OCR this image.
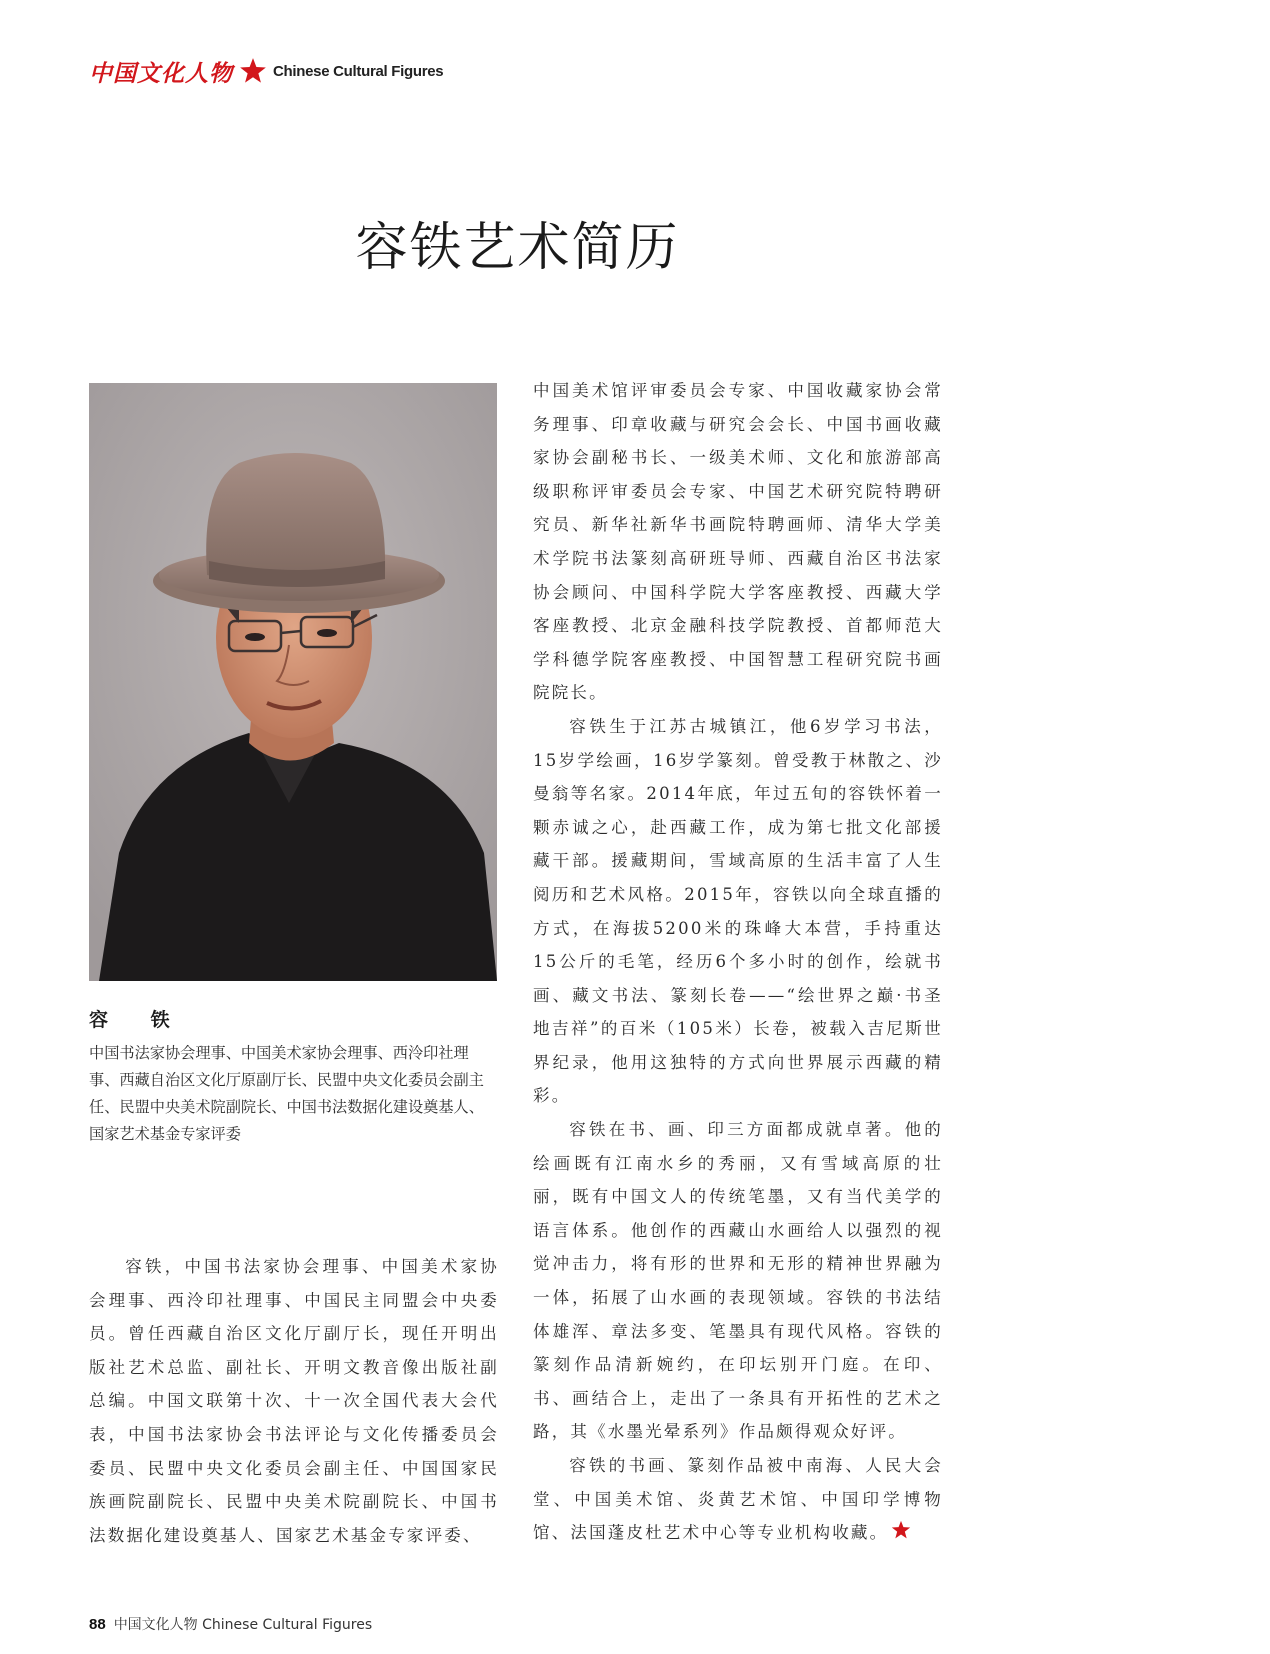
中国文化人物	Chinese Cultural Figures
容铁艺术简历
容 铁
中国书法家协会理事、中国美术家协会理事、西泠印社理事、西藏自治区文化厅原副厅长、民盟中央文化委员会副主任、民盟中央美术院副院长、中国书法数据化建设奠基人、国家艺术基金专家评委

容铁，中国书法家协会理事、中国美术家协会理事、西泠印社理事、中国民主同盟会中央委员。曾任西藏自治区文化厅副厅长，现任开明出版社艺术总监、副社长、开明文教音像出版社副总编。中国文联第十次、十一次全国代表大会代表，中国书法家协会书法评论与文化传播委员会委员、民盟中央文化委员会副主任、中国国家民族画院副院长、民盟中央美术院副院长、中国书法数据化建设奠基人、国家艺术基金专家评委、

中国美术馆评审委员会专家、中国收藏家协会常务理事、印章收藏与研究会会长、中国书画收藏家协会副秘书长、一级美术师、文化和旅游部高级职称评审委员会专家、中国艺术研究院特聘研究员、新华社新华书画院特聘画师、清华大学美术学院书法篆刻高研班导师、西藏自治区书法家协会顾问、中国科学院大学客座教授、西藏大学客座教授、北京金融科技学院教授、首都师范大学科德学院客座教授、中国智慧工程研究院书画院院长。

容铁生于江苏古城镇江，他6岁学习书法，15岁学绘画，16岁学篆刻。曾受教于林散之、沙曼翁等名家。2014年底，年过五旬的容铁怀着一颗赤诚之心，赴西藏工作，成为第七批文化部援藏干部。援藏期间，雪域高原的生活丰富了人生阅历和艺术风格。2015年，容铁以向全球直播的方式，在海拔5200米的珠峰大本营，手持重达15公斤的毛笔，经历6个多小时的创作，绘就书画、藏文书法、篆刻长卷——“绘世界之巅·书圣地吉祥”的百米（105米）长卷，被载入吉尼斯世界纪录，他用这独特的方式向世界展示西藏的精彩。

容铁在书、画、印三方面都成就卓著。他的绘画既有江南水乡的秀丽，又有雪域高原的壮丽，既有中国文人的传统笔墨，又有当代美学的语言体系。他创作的西藏山水画给人以强烈的视觉冲击力，将有形的世界和无形的精神世界融为一体，拓展了山水画的表现领域。容铁的书法结体雄浑、章法多变、笔墨具有现代风格。容铁的篆刻作品清新婉约，在印坛别开门庭。在印、书、画结合上，走出了一条具有开拓性的艺术之路，其《水墨光晕系列》作品颇得观众好评。

容铁的书画、篆刻作品被中南海、人民大会堂、中国美术馆、炎黄艺术馆、中国印学博物馆、法国蓬皮杜艺术中心等专业机构收藏。

88 中国文化人物 Chinese Cultural Figures
